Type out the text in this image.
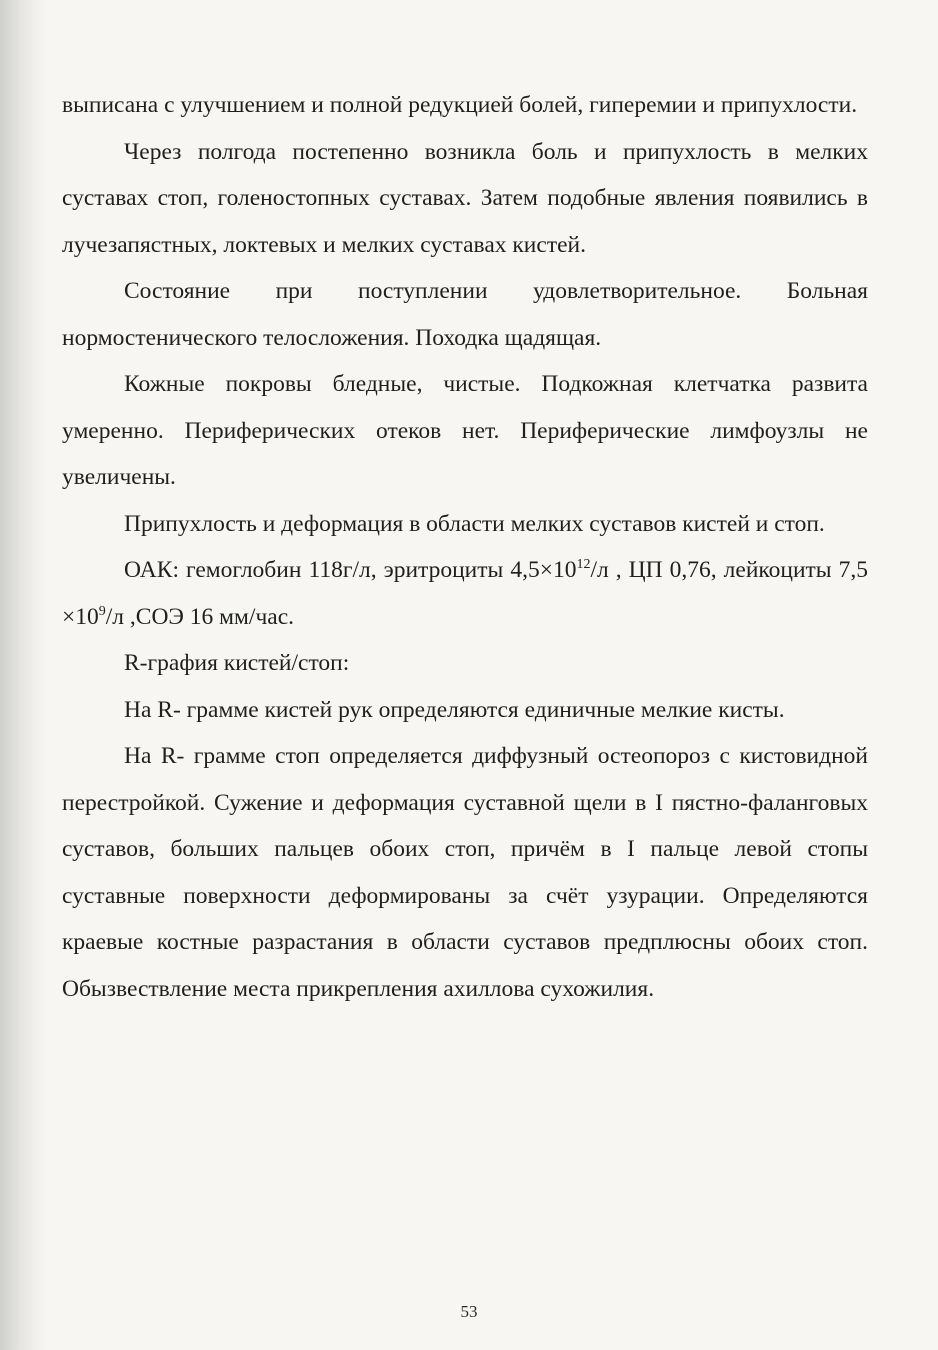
выписана с улучшением и полной редукцией болей, гиперемии и припухлости.

Через полгода постепенно возникла боль и припухлость в мелких суставах стоп, голеностопных суставах. Затем подобные явления появились в лучезапястных, локтевых и мелких суставах кистей.

Состояние при поступлении удовлетворительное. Больная нормостенического телосложения. Походка щадящая.

Кожные покровы бледные, чистые. Подкожная клетчатка развита умеренно. Периферических отеков нет. Периферические лимфоузлы не увеличены.

Припухлость и деформация в области мелких суставов кистей и стоп.

ОАК: гемоглобин 118г/л, эритроциты $4,5\times 10^{12}/л$ , ЦП 0,76, лейкоциты $7,5 \times 10^9/л$ ,СОЭ 16 мм/час.

R-графия кистей/стоп:

На R- грамме кистей рук определяются единичные мелкие кисты.

На R- грамме стоп определяется диффузный остеопороз с кистовидной перестройкой. Сужение и деформация суставной щели в I пястно-фаланговых суставов, больших пальцев обоих стоп, причём в I пальце левой стопы суставные поверхности деформированы за счёт узурации. Определяются краевые костные разрастания в области суставов предплюсны обоих стоп. Обызвествление места прикрепления ахиллова сухожилия.

53
